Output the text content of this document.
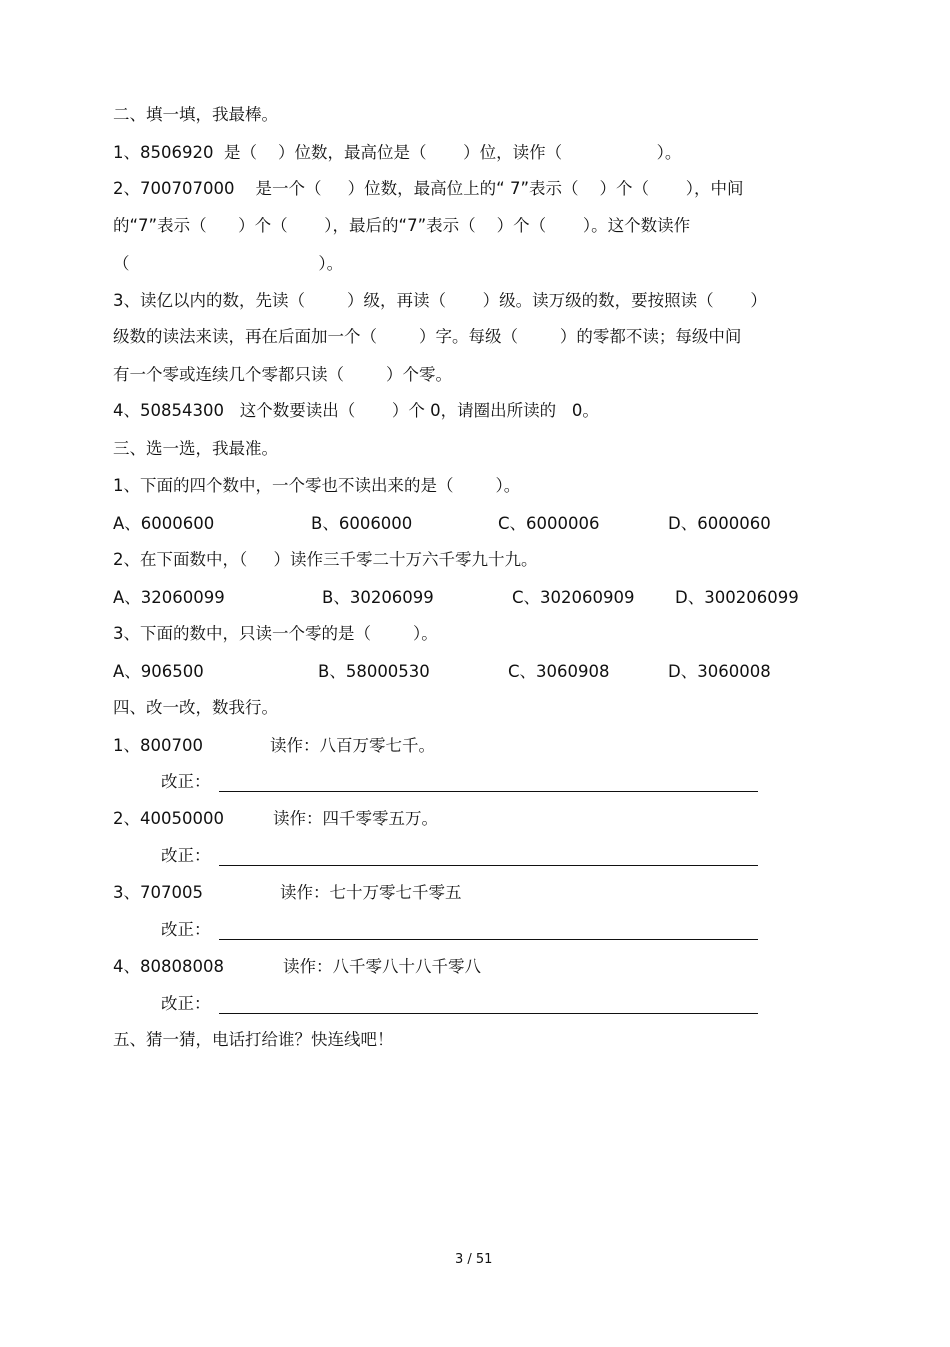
二、填一填，我最棒。
1、8506920  是（    ）位数，最高位是（       ）位，读作（                  ）。
2、700707000    是一个（     ）位数，最高位上的“ 7”表示（    ）个（       ），中间
的“7”表示（      ）个（       ），最后的“7”表示（    ）个（       ）。这个数读作
（                                    ）。
3、读亿以内的数，先读（        ）级，再读（       ）级。读万级的数，要按照读（       ）
级数的读法来读，再在后面加一个（        ）字。每级（        ）的零都不读；每级中间
有一个零或连续几个零都只读（        ）个零。
4、50854300   这个数要读出（       ）个 0，请圈出所读的   0。
三、选一选，我最准。
1、下面的四个数中，一个零也不读出来的是（        ）。
A、6000600	B、6006000	C、6000006	D、6000060
2、在下面数中，（     ）读作三千零二十万六千零九十九。
A、32060099	B、30206099	C、302060909 D、300206099
3、下面的数中，只读一个零的是（        ）。
A、906500	B、58000530	C、3060908	D、3060008
四、改一改，数我行。
1、800700	读作：八百万零七千。
改正：
2、40050000	读作：四千零零五万。
改正：
3、707005	读作：七十万零七千零五
改正：
4、80808008	读作：八千零八十八千零八
改正：
五、猜一猜，电话打给谁？快连线吧！
3 / 51
